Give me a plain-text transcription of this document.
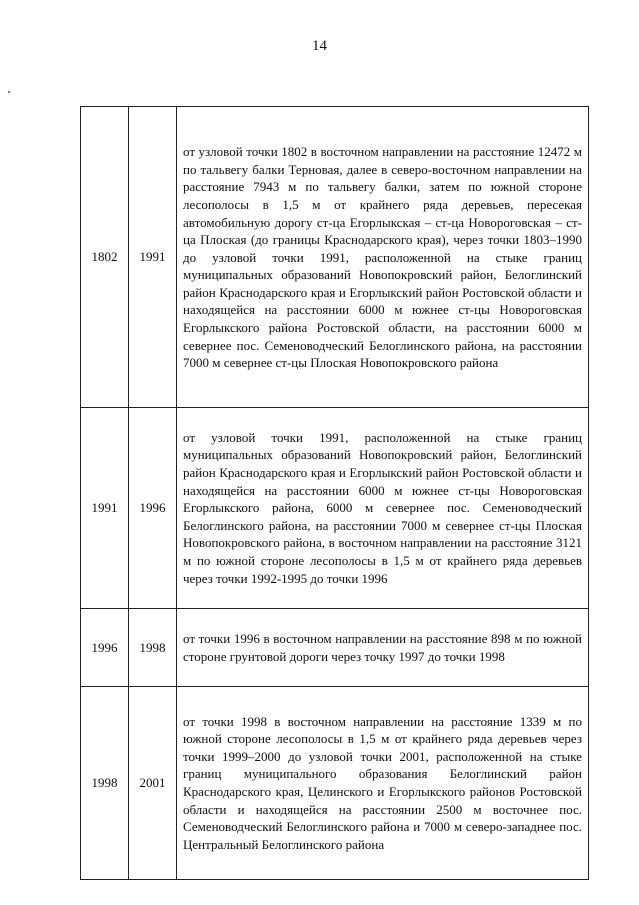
14
1802	1991	от узловой точки 1802 в восточном направлении на расстояние 12472 м по тальвегу балки Терновая, далее в северо-восточном направлении на расстояние 7943 м по тальвегу балки, затем по южной стороне лесополосы в 1,5 м от крайнего ряда деревьев, пересекая автомобильную дорогу ст-ца Егорлыкская – ст-ца Новороговская – ст-ца Плоская (до границы Краснодарского края), через точки 1803–1990 до узловой точки 1991, расположенной на стыке границ муниципальных образований Новопокровский район, Белоглинский район Краснодарского края и Егорлыкский район Ростовской области и находящейся на расстоянии 6000 м южнее ст-цы Новороговская Егорлыкского района Ростовской области, на расстоянии 6000 м севернее пос. Семеноводческий Белоглинского района, на расстоянии 7000 м севернее ст-цы Плоская Новопокровского района
1991	1996	от узловой точки 1991, расположенной на стыке границ муниципальных образований Новопокровский район, Белоглинский район Краснодарского края и Егорлыкский район Ростовской области и находящейся на расстоянии 6000 м южнее ст-цы Новороговская Егорлыкского района, 6000 м севернее пос. Семеноводческий Белоглинского района, на расстоянии 7000 м севернее ст-цы Плоская Новопокровского района, в восточном направлении на расстояние 3121 м по южной стороне лесополосы в 1,5 м от крайнего ряда деревьев через точки 1992-1995 до точки 1996
1996	1998	от точки 1996 в восточном направлении на расстояние 898 м по южной стороне грунтовой дороги через точку 1997 до точки 1998
1998	2001	от точки 1998 в восточном направлении на расстояние 1339 м по южной стороне лесополосы в 1,5 м от крайнего ряда деревьев через точки 1999–2000 до узловой точки 2001, расположенной на стыке границ муниципального образования Белоглинский район Краснодарского края, Целинского и Егорлыкского районов Ростовской области и находящейся на расстоянии 2500 м восточнее пос. Семеноводческий Белоглинского района и 7000 м северо-западнее пос. Центральный Белоглинского района
